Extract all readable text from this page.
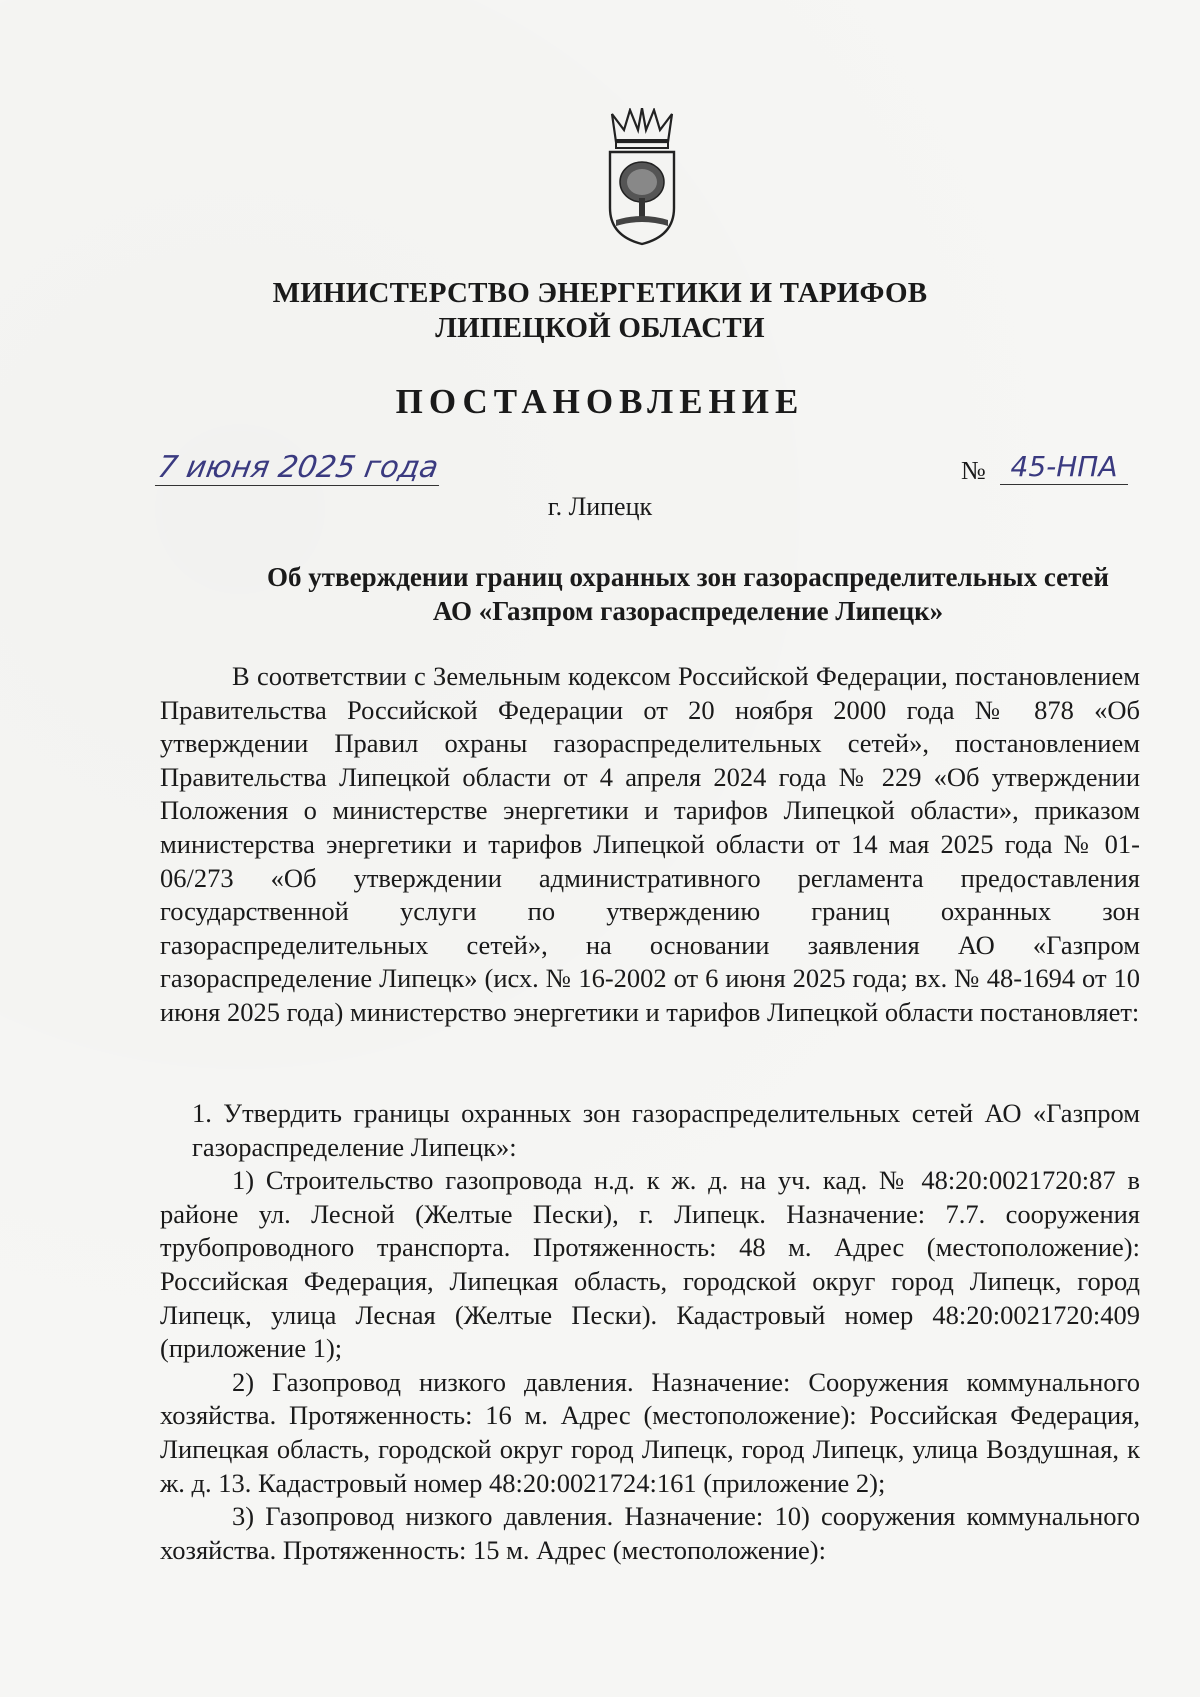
МИНИСТЕРСТВО ЭНЕРГЕТИКИ И ТАРИФОВ
ЛИПЕЦКОЙ ОБЛАСТИ
ПОСТАНОВЛЕНИЕ
7 июня 2025 года	№ 45-НПА
г. Липецк
Об утверждении границ охранных зон газораспределительных сетей
АО «Газпром газораспределение Липецк»

В соответствии с Земельным кодексом Российской Федерации, постановлением Правительства Российской Федерации от 20 ноября 2000 года № 878 «Об утверждении Правил охраны газораспределительных сетей», постановлением Правительства Липецкой области от 4 апреля 2024 года № 229 «Об утверждении Положения о министерстве энергетики и тарифов Липецкой области», приказом министерства энергетики и тарифов Липецкой области от 14 мая 2025 года № 01-06/273 «Об утверждении административного регламента предоставления государственной услуги по утверждению границ охранных зон газораспределительных сетей», на основании заявления АО «Газпром газораспределение Липецк» (исх. № 16-2002 от 6 июня 2025 года; вх. № 48-1694 от 10 июня 2025 года) министерство энергетики и тарифов Липецкой области постановляет:

1. Утвердить границы охранных зон газораспределительных сетей АО «Газпром газораспределение Липецк»:

1) Строительство газопровода н.д. к ж. д. на уч. кад. № 48:20:0021720:87 в районе ул. Лесной (Желтые Пески), г. Липецк. Назначение: 7.7. сооружения трубопроводного транспорта. Протяженность: 48 м. Адрес (местоположение): Российская Федерация, Липецкая область, городской округ город Липецк, город Липецк, улица Лесная (Желтые Пески). Кадастровый номер 48:20:0021720:409 (приложение 1);

2) Газопровод низкого давления. Назначение: Сооружения коммунального хозяйства. Протяженность: 16 м. Адрес (местоположение): Российская Федерация, Липецкая область, городской округ город Липецк, город Липецк, улица Воздушная, к ж. д. 13. Кадастровый номер 48:20:0021724:161 (приложение 2);

3) Газопровод низкого давления. Назначение: 10) сооружения коммунального хозяйства. Протяженность: 15 м. Адрес (местоположение):
